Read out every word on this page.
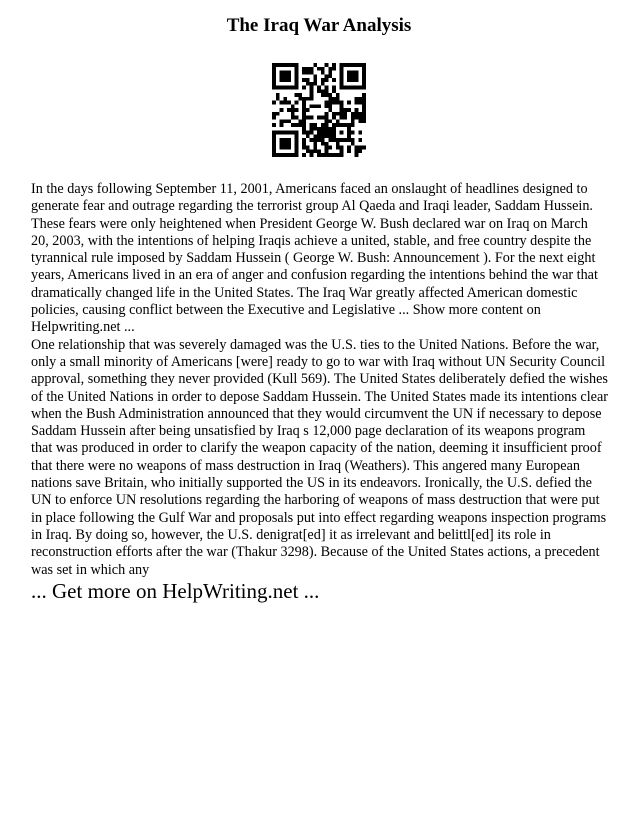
The Iraq War Analysis

In the days following September 11, 2001, Americans faced an onslaught of headlines designed to generate fear and outrage regarding the terrorist group Al Qaeda and Iraqi leader, Saddam Hussein. These fears were only heightened when President George W. Bush declared war on Iraq on March 20, 2003, with the intentions of helping Iraqis achieve a united, stable, and free country despite the tyrannical rule imposed by Saddam Hussein ( George W. Bush: Announcement ). For the next eight years, Americans lived in an era of anger and confusion regarding the intentions behind the war that dramatically changed life in the United States. The Iraq War greatly affected American domestic policies, causing conflict between the Executive and Legislative ... Show more content on Helpwriting.net ...

One relationship that was severely damaged was the U.S. ties to the United Nations. Before the war, only a small minority of Americans [were] ready to go to war with Iraq without UN Security Council approval, something they never provided (Kull 569). The United States deliberately defied the wishes of the United Nations in order to depose Saddam Hussein. The United States made its intentions clear when the Bush Administration announced that they would circumvent the UN if necessary to depose Saddam Hussein after being unsatisfied by Iraq s 12,000 page declaration of its weapons program that was produced in order to clarify the weapon capacity of the nation, deeming it insufficient proof that there were no weapons of mass destruction in Iraq (Weathers). This angered many European nations save Britain, who initially supported the US in its endeavors. Ironically, the U.S. defied the UN to enforce UN resolutions regarding the harboring of weapons of mass destruction that were put in place following the Gulf War and proposals put into effect regarding weapons inspection programs in Iraq. By doing so, however, the U.S. denigrat[ed] it as irrelevant and belittl[ed] its role in reconstruction efforts after the war (Thakur 3298). Because of the United States actions, a precedent was set in which any

... Get more on HelpWriting.net ...
